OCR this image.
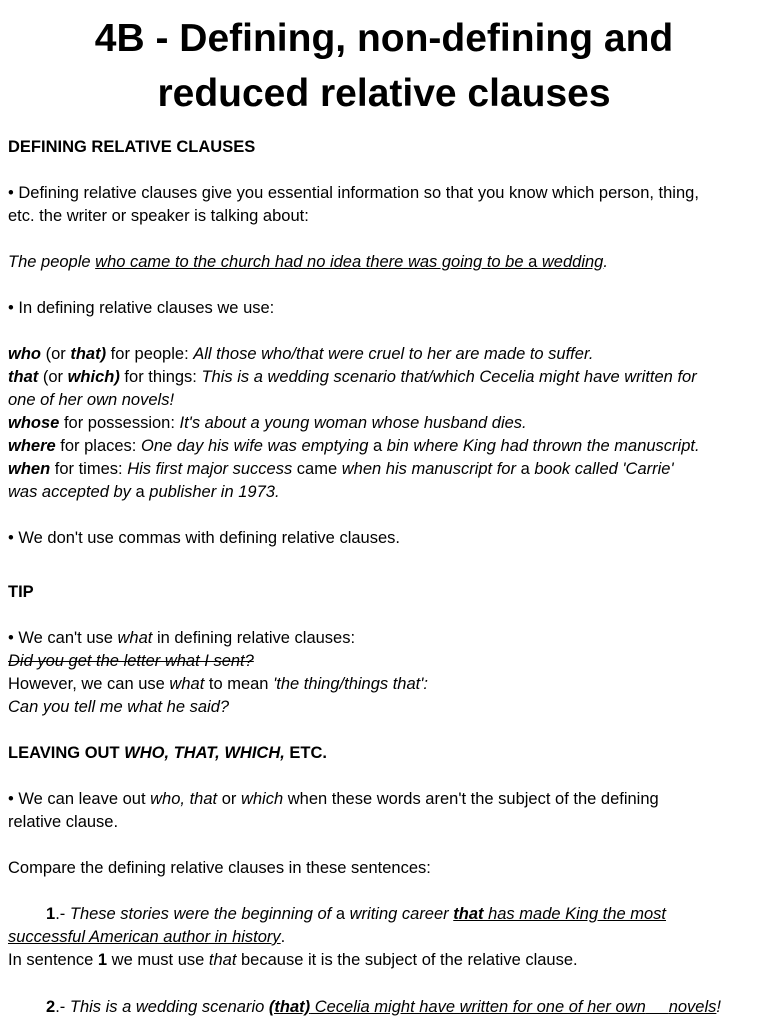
4B - Defining, non-defining and
reduced relative clauses

DEFINING RELATIVE CLAUSES

• Defining relative clauses give you essential information so that you know which person, thing,

etc. the writer or speaker is talking about:

The people who came to the church had no idea there was going to be a wedding.

• In defining relative clauses we use:

who (or that) for people: All those who/that were cruel to her are made to suffer.

that (or which) for things: This is a wedding scenario that/which Cecelia might have written for

one of her own novels!

whose for possession: It's about a young woman whose husband dies.

where for places: One day his wife was emptying a bin where King had thrown the manuscript.

when for times: His first major success came when his manuscript for a book called 'Carrie'

was accepted by a publisher in 1973.

• We don't use commas with defining relative clauses.

TIP

• We can't use what in defining relative clauses:

Did you get the letter what I sent?

However, we can use what to mean 'the thing/things that':

Can you tell me what he said?

LEAVING OUT WHO, THAT, WHICH, ETC.

• We can leave out who, that or which when these words aren't the subject of the defining

relative clause.

Compare the defining relative clauses in these sentences:

1.- These stories were the beginning of a writing career that has made King the most

successful American author in history.

In sentence 1 we must use that because it is the subject of the relative clause.

2.- This is a wedding scenario (that) Cecelia might have written for one of her own novels!
